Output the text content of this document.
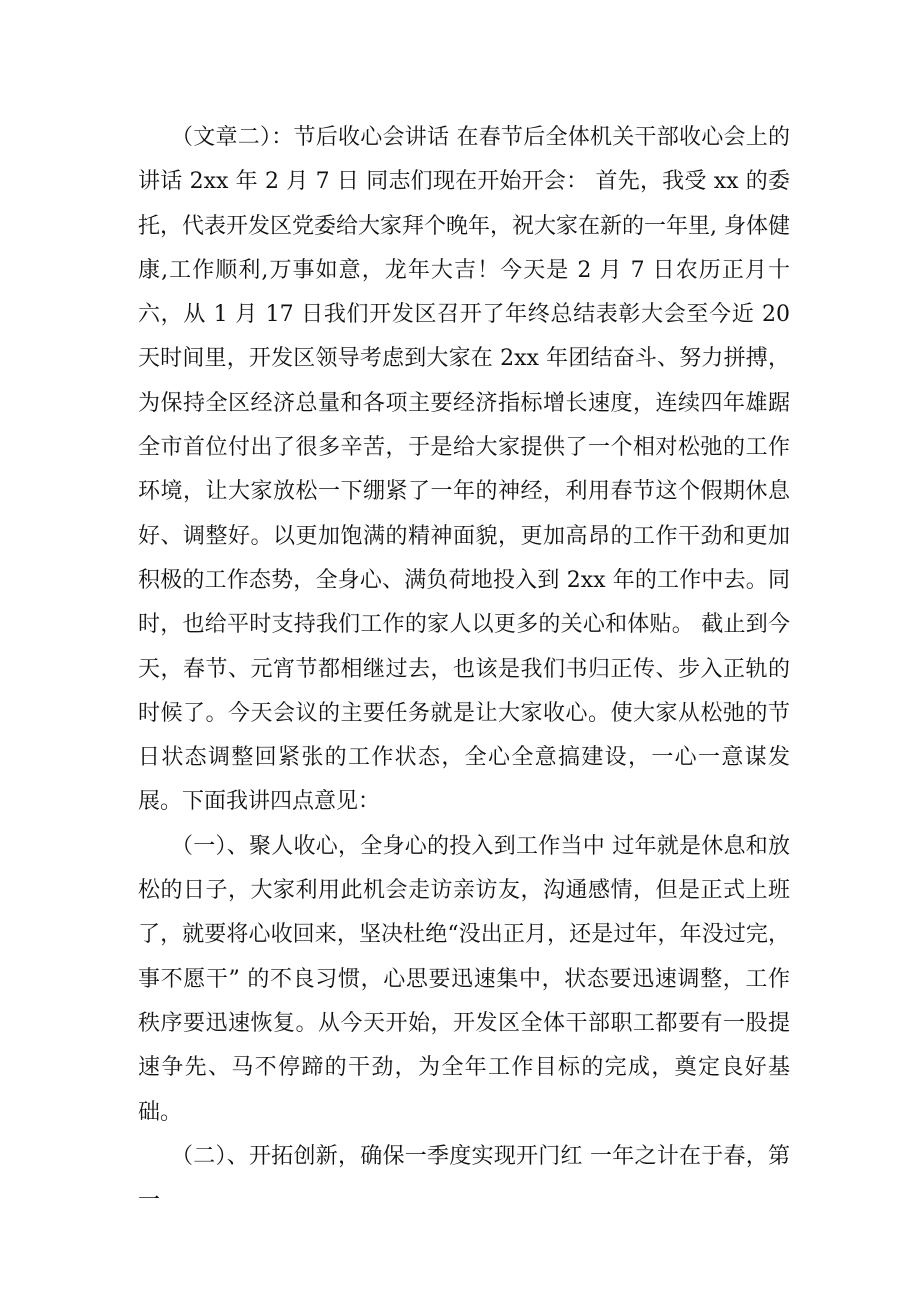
（文章二）：节后收心会讲话 在春节后全体机关干部收心会上的讲话 2xx 年 2 月 7 日 同志们现在开始开会： 首先，我受 xx 的委托，代表开发区党委给大家拜个晚年，祝大家在新的一年里, 身体健康,工作顺利,万事如意，龙年大吉！今天是 2 月 7 日农历正月十六，从 1 月 17 日我们开发区召开了年终总结表彰大会至今近 20 天时间里，开发区领导考虑到大家在 2xx 年团结奋斗、努力拼搏，为保持全区经济总量和各项主要经济指标增长速度，连续四年雄踞全市首位付出了很多辛苦，于是给大家提供了一个相对松弛的工作环境，让大家放松一下绷紧了一年的神经，利用春节这个假期休息好、调整好。以更加饱满的精神面貌，更加高昂的工作干劲和更加积极的工作态势，全身心、满负荷地投入到 2xx 年的工作中去。同时，也给平时支持我们工作的家人以更多的关心和体贴。 截止到今天，春节、元宵节都相继过去，也该是我们书归正传、步入正轨的时候了。今天会议的主要任务就是让大家收心。使大家从松弛的节日状态调整回紧张的工作状态，全心全意搞建设，一心一意谋发展。下面我讲四点意见：

（一）、聚人收心，全身心的投入到工作当中 过年就是休息和放松的日子，大家利用此机会走访亲访友，沟通感情，但是正式上班了，就要将心收回来，坚决杜绝“没出正月，还是过年，年没过完，事不愿干” 的不良习惯，心思要迅速集中，状态要迅速调整，工作秩序要迅速恢复。从今天开始，开发区全体干部职工都要有一股提速争先、马不停蹄的干劲，为全年工作目标的完成，奠定良好基础。

（二）、开拓创新，确保一季度实现开门红 一年之计在于春，第一
